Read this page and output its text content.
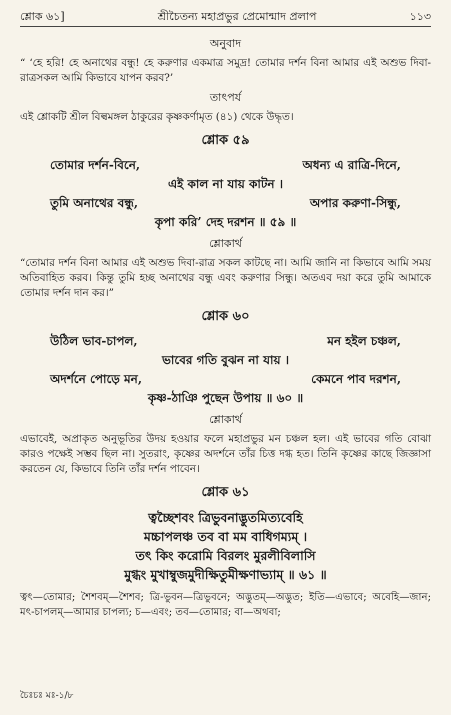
শ্লোক ৬১]	শ্রীচৈতন্য মহাপ্রভুর প্রেমোন্মাদ প্রলাপ	১১৩
অনুবাদ

“ ‘হে হরি! হে অনাথের বন্ধু! হে করুণার একমাত্র সমুদ্র! তোমার দর্শন বিনা আমার এই অশুভ দিবা-রাত্রসকল আমি কিভাবে যাপন করব?’

তাৎপর্য

এই শ্লোকটি শ্রীল বিল্বমঙ্গল ঠাকুরের কৃষ্ণকর্ণামৃত (৪১) থেকে উদ্ধৃত।

শ্লোক ৫৯
তোমার দর্শন-বিনে,	অধন্য এ রাত্রি-দিনে,
এই কাল না যায় কাটন ।
তুমি অনাথের বন্ধু,	অপার করুণা-সিন্ধু,
কৃপা করি’ দেহ দরশন ॥ ৫৯ ॥
শ্লোকার্থ

“তোমার দর্শন বিনা আমার এই অশুভ দিবা-রাত্র সকল কাটছে না। আমি জানি না কিভাবে আমি সময় অতিবাহিত করব। কিন্তু তুমি হচ্ছ অনাথের বন্ধু এবং করুণার সিন্ধু। অতএব দয়া করে তুমি আমাকে তোমার দর্শন দান কর।”

শ্লোক ৬০
উঠিল ভাব-চাপল,	মন হইল চঞ্চল,
ভাবের গতি বুঝন না যায় ।
অদর্শনে পোড়ে মন,	কেমনে পাব দরশন,
কৃষ্ণ-ঠাঞি পুছেন উপায় ॥ ৬০ ॥
শ্লোকার্থ

এভাবেই, অপ্রাকৃত অনুভূতির উদয় হওয়ার ফলে মহাপ্রভুর মন চঞ্চল হল। এই ভাবের গতি বোঝা কারও পক্ষেই সম্ভব ছিল না। সুতরাং, কৃষ্ণের অদর্শনে তাঁর চিত্ত দগ্ধ হত। তিনি কৃষ্ণের কাছে জিজ্ঞাসা করতেন যে, কিভাবে তিনি তাঁর দর্শন পাবেন।

শ্লোক ৬১
ত্বচ্ছৈশবং ত্রিভুবনাদ্ভুতমিত্যবেহি
মচ্চাপলঞ্চ তব বা মম বাধিগম্যম্ ।
তৎ কিং করোমি বিরলং মুরলীবিলাসি
মুগ্ধং মুখাম্বুজমুদীক্ষিতুমীক্ষণাভ্যাম্ ॥ ৬১ ॥

ত্বৎ—তোমার; শৈশবম্—শৈশব; ত্রি-ভুবন—ত্রিভুবনে; অদ্ভুতম্—অদ্ভুত; ইতি—এভাবে; অবেহি—জান; মৎ-চাপলম্—আমার চাপল্য; চ—এবং; তব—তোমার; বা—অথবা;

চৈঃচঃ মঃ-১/৮
